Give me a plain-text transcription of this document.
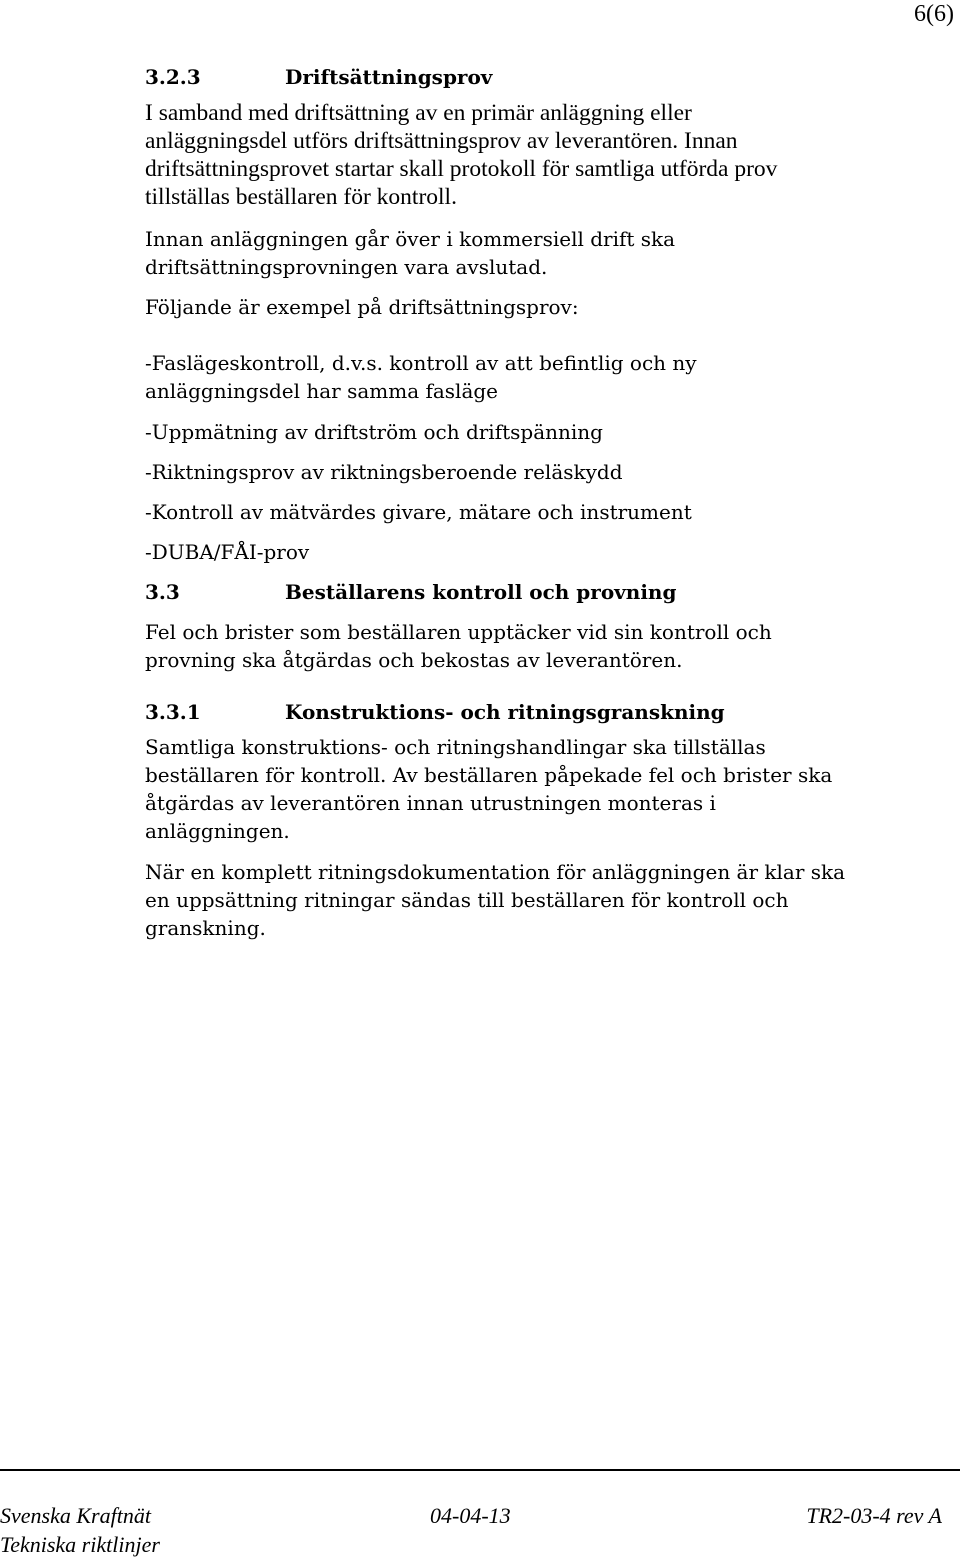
6(6)
3.2.3	Driftsättningsprov
I samband med driftsättning av en primär anläggning eller
anläggningsdel utförs driftsättningsprov av leverantören. Innan
driftsättningsprovet startar skall protokoll för samtliga utförda prov
tillställas beställaren för kontroll.
Innan anläggningen går över i kommersiell drift ska
driftsättningsprovningen vara avslutad.
Följande är exempel på driftsättningsprov:
-Faslägeskontroll, d.v.s. kontroll av att befintlig och ny
anläggningsdel har samma fasläge
-Uppmätning av driftström och driftspänning
-Riktningsprov av riktningsberoende reläskydd
-Kontroll av mätvärdes givare, mätare och instrument
-DUBA/FÅI-prov
3.3	Beställarens kontroll och provning
Fel och brister som beställaren upptäcker vid sin kontroll och
provning ska åtgärdas och bekostas av leverantören.
3.3.1	Konstruktions- och ritningsgranskning
Samtliga konstruktions- och ritningshandlingar ska tillställas
beställaren för kontroll. Av beställaren påpekade fel och brister ska
åtgärdas av leverantören innan utrustningen monteras i
anläggningen.
När en komplett ritningsdokumentation för anläggningen är klar ska
en uppsättning ritningar sändas till beställaren för kontroll och
granskning.
Svenska Kraftnät	04-04-13	TR2-03-4 rev A
Tekniska riktlinjer
